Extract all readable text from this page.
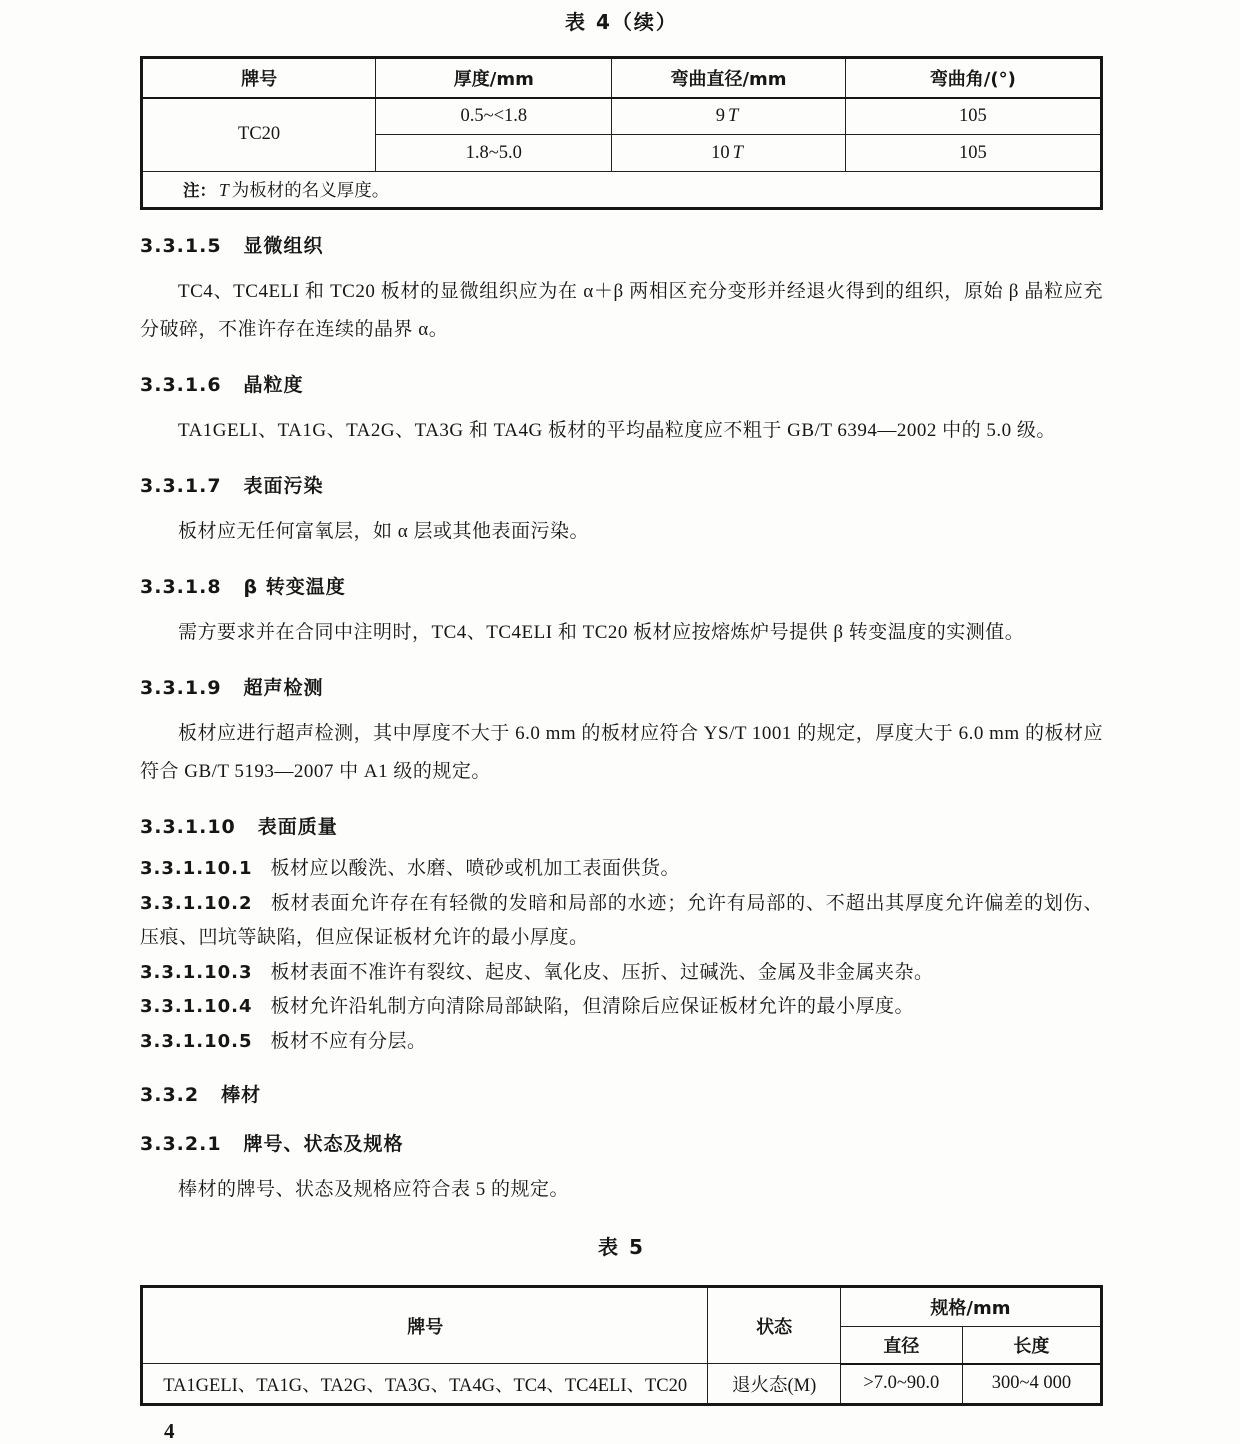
表 4（续）
牌号	厚度/mm	弯曲直径/mm	弯曲角/(°)
TC20	0.5~<1.8	9 T	105
	1.8~5.0	10 T	105
注： T 为板材的名义厚度。			
3.3.1.5 显微组织

TC4、TC4ELI 和 TC20 板材的显微组织应为在 α＋β 两相区充分变形并经退火得到的组织，原始 β 晶粒应充分破碎，不准许存在连续的晶界 α。

3.3.1.6 晶粒度

TA1GELI、TA1G、TA2G、TA3G 和 TA4G 板材的平均晶粒度应不粗于 GB/T 6394—2002 中的 5.0 级。

3.3.1.7 表面污染

板材应无任何富氧层，如 α 层或其他表面污染。

3.3.1.8 β 转变温度

需方要求并在合同中注明时，TC4、TC4ELI 和 TC20 板材应按熔炼炉号提供 β 转变温度的实测值。

3.3.1.9 超声检测

板材应进行超声检测，其中厚度不大于 6.0 mm 的板材应符合 YS/T 1001 的规定，厚度大于 6.0 mm 的板材应符合 GB/T 5193—2007 中 A1 级的规定。

3.3.1.10 表面质量

3.3.1.10.1 板材应以酸洗、水磨、喷砂或机加工表面供货。

3.3.1.10.2 板材表面允许存在有轻微的发暗和局部的水迹；允许有局部的、不超出其厚度允许偏差的划伤、压痕、凹坑等缺陷，但应保证板材允许的最小厚度。

3.3.1.10.3 板材表面不准许有裂纹、起皮、氧化皮、压折、过碱洗、金属及非金属夹杂。

3.3.1.10.4 板材允许沿轧制方向清除局部缺陷，但清除后应保证板材允许的最小厚度。

3.3.1.10.5 板材不应有分层。

3.3.2 棒材
3.3.2.1 牌号、状态及规格

棒材的牌号、状态及规格应符合表 5 的规定。

表 5
牌号	状态	规格/mm	
		直径	长度
TA1GELI、TA1G、TA2G、TA3G、TA4G、TC4、TC4ELI、TC20	退火态(M)	>7.0~90.0	300~4 000
4
